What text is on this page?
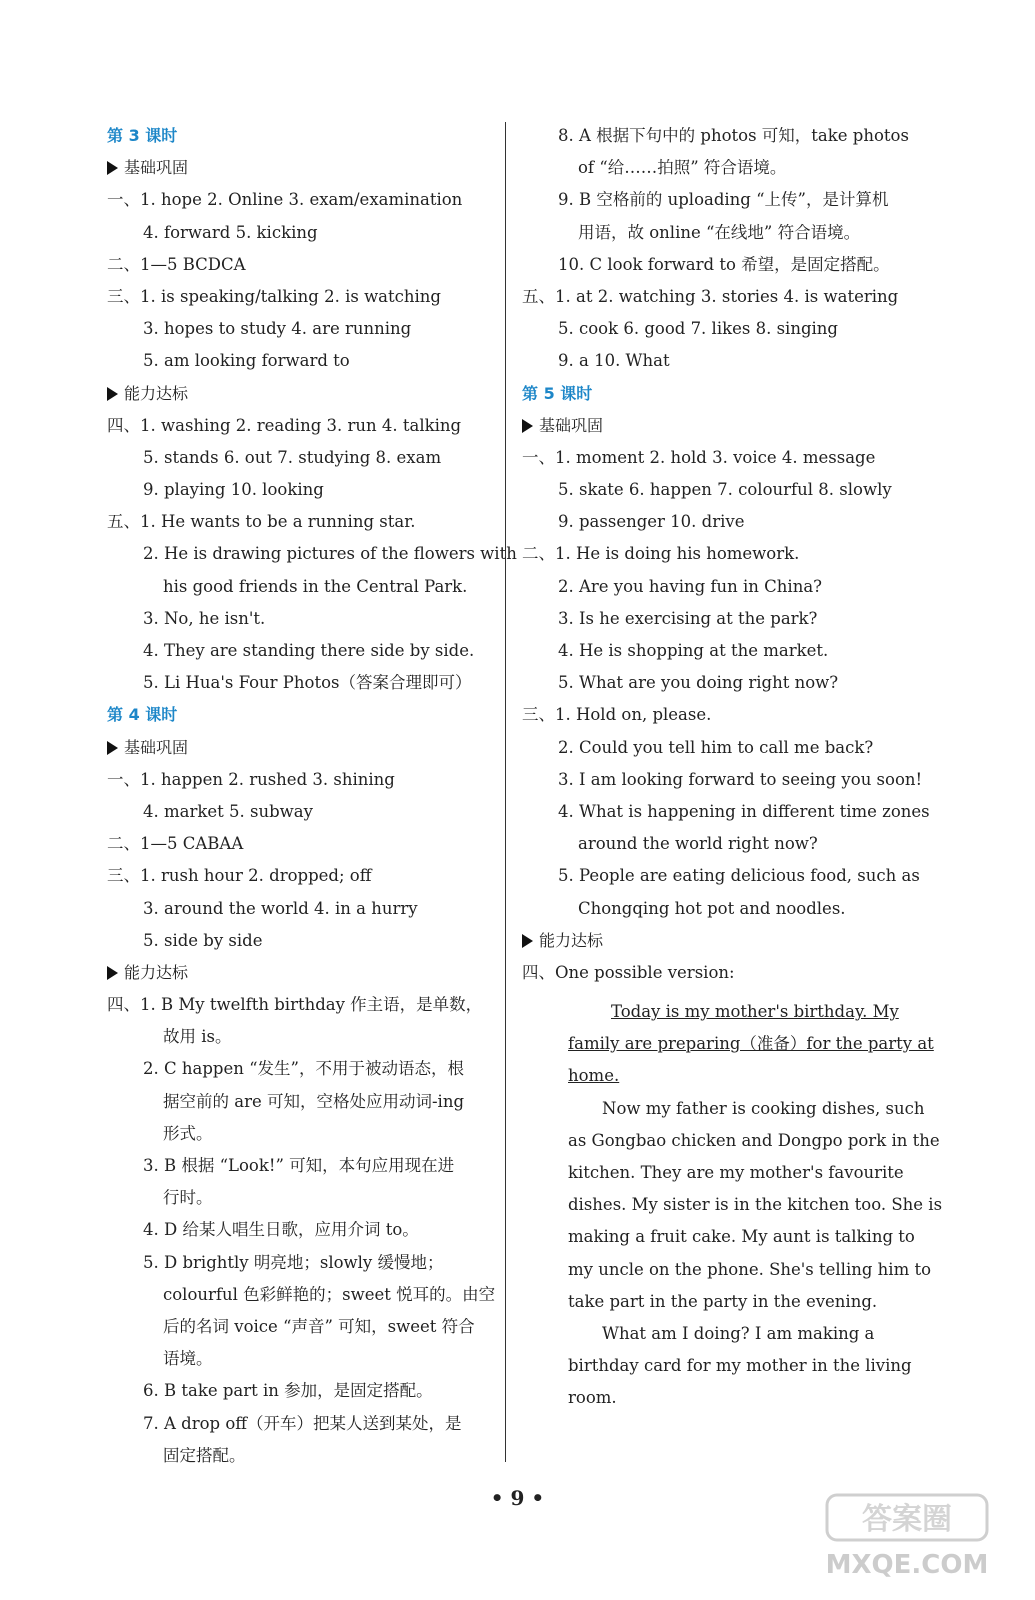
第 3 课时
基础巩固
一、1. hope 2. Online 3. exam/examination
4. forward 5. kicking
二、1—5 BCDCA
三、1. is speaking/talking 2. is watching
3. hopes to study 4. are running
5. am looking forward to
能力达标
四、1. washing 2. reading 3. run 4. talking
5. stands 6. out 7. studying 8. exam
9. playing 10. looking
五、1. He wants to be a running star.
2. He is drawing pictures of the flowers with
his good friends in the Central Park.
3. No, he isn't.
4. They are standing there side by side.
5. Li Hua's Four Photos（答案合理即可）
第 4 课时
基础巩固
一、1. happen 2. rushed 3. shining
4. market 5. subway
二、1—5 CABAA
三、1. rush hour 2. dropped; off
3. around the world 4. in a hurry
5. side by side
能力达标
四、1. B My twelfth birthday 作主语，是单数，
故用 is。
2. C happen “发生”，不用于被动语态，根
据空前的 are 可知，空格处应用动词-ing
形式。
3. B 根据 “Look!” 可知，本句应用现在进
行时。
4. D 给某人唱生日歌，应用介词 to。
5. D brightly 明亮地；slowly 缓慢地；
colourful 色彩鲜艳的；sweet 悦耳的。由空
后的名词 voice “声音” 可知，sweet 符合
语境。
6. B take part in 参加，是固定搭配。
7. A drop off（开车）把某人送到某处，是
固定搭配。
8. A 根据下句中的 photos 可知，take photos
of “给……拍照” 符合语境。
9. B 空格前的 uploading “上传”，是计算机
用语，故 online “在线地” 符合语境。
10. C look forward to 希望，是固定搭配。
五、1. at 2. watching 3. stories 4. is watering
5. cook 6. good 7. likes 8. singing
9. a 10. What
第 5 课时
基础巩固
一、1. moment 2. hold 3. voice 4. message
5. skate 6. happen 7. colourful 8. slowly
9. passenger 10. drive
二、1. He is doing his homework.
2. Are you having fun in China?
3. Is he exercising at the park?
4. He is shopping at the market.
5. What are you doing right now?
三、1. Hold on, please.
2. Could you tell him to call me back?
3. I am looking forward to seeing you soon!
4. What is happening in different time zones
around the world right now?
5. People are eating delicious food, such as
Chongqing hot pot and noodles.
能力达标
四、One possible version:
Today is my mother's birthday. My
family are preparing（准备）for the party at
home.
Now my father is cooking dishes, such
as Gongbao chicken and Dongpo pork in the
kitchen. They are my mother's favourite
dishes. My sister is in the kitchen too. She is
making a fruit cake. My aunt is talking to
my uncle on the phone. She's telling him to
take part in the party in the evening.
What am I doing? I am making a
birthday card for my mother in the living
room.
• 9 •
答案圈
MXQE.COM
